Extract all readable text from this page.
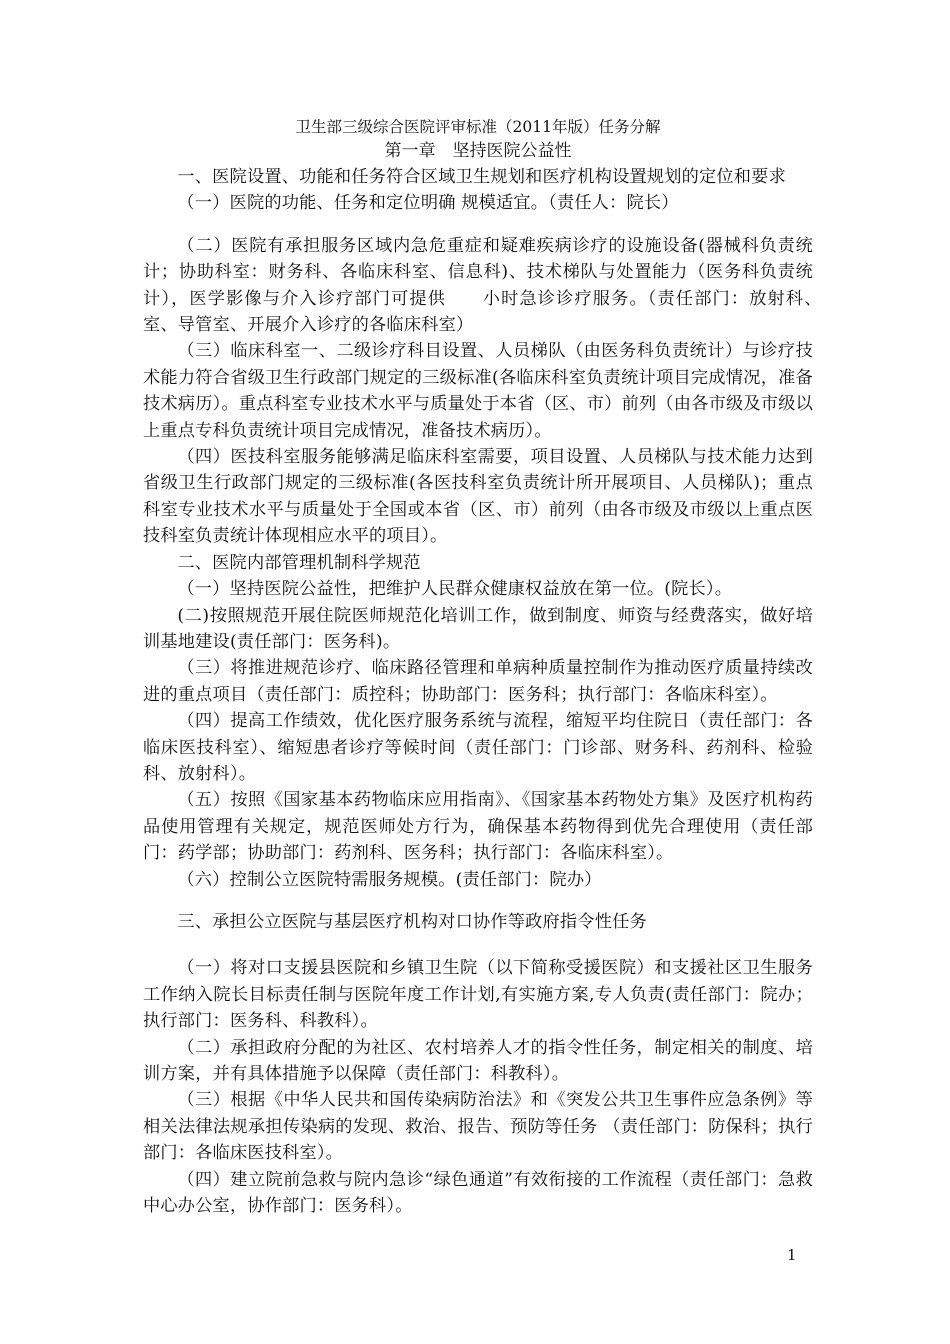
卫生部三级综合医院评审标准（2011年版）任务分解
第一章　坚持医院公益性

一、医院设置、功能和任务符合区域卫生规划和医疗机构设置规划的定位和要求

（一）医院的功能、任务和定位明确 规模适宜。（责任人：院长）

（二）医院有承担服务区域内急危重症和疑难疾病诊疗的设施设备(器械科负责统计；协助科室：财务科、各临床科室、信息科)、技术梯队与处置能力（医务科负责统计），医学影像与介入诊疗部门可提供　　小时急诊诊疗服务。（责任部门：放射科、　　室、导管室、开展介入诊疗的各临床科室）

（三）临床科室一、二级诊疗科目设置、人员梯队（由医务科负责统计）与诊疗技术能力符合省级卫生行政部门规定的三级标准(各临床科室负责统计项目完成情况，准备技术病历）。重点科室专业技术水平与质量处于本省（区、市）前列（由各市级及市级以上重点专科负责统计项目完成情况，准备技术病历）。

（四）医技科室服务能够满足临床科室需要，项目设置、人员梯队与技术能力达到省级卫生行政部门规定的三级标准(各医技科室负责统计所开展项目、人员梯队)；重点科室专业技术水平与质量处于全国或本省（区、市）前列（由各市级及市级以上重点医技科室负责统计体现相应水平的项目）。

二、医院内部管理机制科学规范

（一）坚持医院公益性，把维护人民群众健康权益放在第一位。(院长）。

(二)按照规范开展住院医师规范化培训工作，做到制度、师资与经费落实，做好培训基地建设(责任部门：医务科)。

（三）将推进规范诊疗、临床路径管理和单病种质量控制作为推动医疗质量持续改进的重点项目（责任部门：质控科；协助部门：医务科；执行部门：各临床科室）。

（四）提高工作绩效，优化医疗服务系统与流程，缩短平均住院日（责任部门：各临床医技科室）、缩短患者诊疗等候时间（责任部门：门诊部、财务科、药剂科、检验科、放射科）。

（五）按照《国家基本药物临床应用指南》、《国家基本药物处方集》及医疗机构药品使用管理有关规定，规范医师处方行为，确保基本药物得到优先合理使用（责任部门：药学部；协助部门：药剂科、医务科；执行部门：各临床科室）。

（六）控制公立医院特需服务规模。(责任部门：院办）

三、承担公立医院与基层医疗机构对口协作等政府指令性任务

（一）将对口支援县医院和乡镇卫生院（以下简称受援医院）和支援社区卫生服务工作纳入院长目标责任制与医院年度工作计划,有实施方案,专人负责(责任部门：院办；执行部门：医务科、科教科）。

（二）承担政府分配的为社区、农村培养人才的指令性任务，制定相关的制度、培训方案，并有具体措施予以保障（责任部门：科教科）。

（三）根据《中华人民共和国传染病防治法》和《突发公共卫生事件应急条例》等相关法律法规承担传染病的发现、救治、报告、预防等任务 （责任部门：防保科；执行部门：各临床医技科室）。

（四）建立院前急救与院内急诊“绿色通道”有效衔接的工作流程（责任部门：急救中心办公室，协作部门：医务科）。

1
